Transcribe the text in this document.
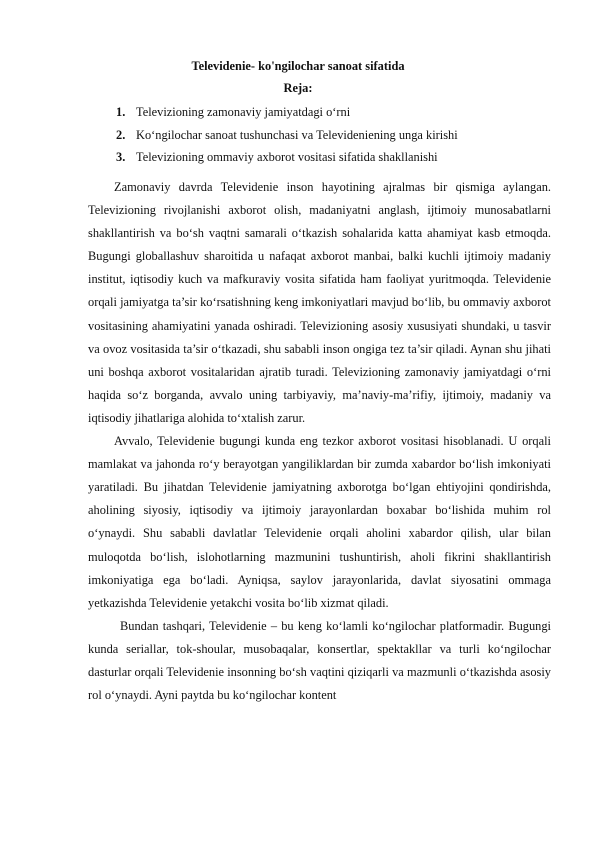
Televidenie- ko'ngilochar sanoat sifatida
Reja:
1. Televizioning zamonaviy jamiyatdagi o‘rni
2. Ko‘ngilochar sanoat tushunchasi va Televideniening unga kirishi
3. Televizioning ommaviy axborot vositasi sifatida shakllanishi

Zamonaviy davrda Televidenie inson hayotining ajralmas bir qismiga aylangan. Televizioning rivojlanishi axborot olish, madaniyatni anglash, ijtimoiy munosabatlarni shakllantirish va bo‘sh vaqtni samarali o‘tkazish sohalarida katta ahamiyat kasb etmoqda. Bugungi globallashuv sharoitida u nafaqat axborot manbai, balki kuchli ijtimoiy madaniy institut, iqtisodiy kuch va mafkuraviy vosita sifatida ham faoliyat yuritmoqda. Televidenie orqali jamiyatga ta’sir ko‘rsatishning keng imkoniyatlari mavjud bo‘lib, bu ommaviy axborot vositasining ahamiyatini yanada oshiradi. Televizioning asosiy xususiyati shundaki, u tasvir va ovoz vositasida ta’sir o‘tkazadi, shu sababli inson ongiga tez ta’sir qiladi. Aynan shu jihati uni boshqa axborot vositalaridan ajratib turadi. Televizioning zamonaviy jamiyatdagi o‘rni haqida so‘z borganda, avvalo uning tarbiyaviy, ma’naviy-ma’rifiy, ijtimoiy, madaniy va iqtisodiy jihatlariga alohida to‘xtalish zarur.

Avvalo, Televidenie bugungi kunda eng tezkor axborot vositasi hisoblanadi. U orqali mamlakat va jahonda ro‘y berayotgan yangiliklardan bir zumda xabardor bo‘lish imkoniyati yaratiladi. Bu jihatdan Televidenie jamiyatning axborotga bo‘lgan ehtiyojini qondirishda, aholining siyosiy, iqtisodiy va ijtimoiy jarayonlardan boxabar bo‘lishida muhim rol o‘ynaydi. Shu sababli davlatlar Televidenie orqali aholini xabardor qilish, ular bilan muloqotda bo‘lish, islohotlarning mazmunini tushuntirish, aholi fikrini shakllantirish imkoniyatiga ega bo‘ladi. Ayniqsa, saylov jarayonlarida, davlat siyosatini ommaga yetkazishda Televidenie yetakchi vosita bo‘lib xizmat qiladi.

Bundan tashqari, Televidenie – bu keng ko‘lamli ko‘ngilochar platformadir. Bugungi kunda seriallar, tok-shoular, musobaqalar, konsertlar, spektakllar va turli ko‘ngilochar dasturlar orqali Televidenie insonning bo‘sh vaqtini qiziqarli va mazmunli o‘tkazishda asosiy rol o‘ynaydi. Ayni paytda bu ko‘ngilochar kontent
